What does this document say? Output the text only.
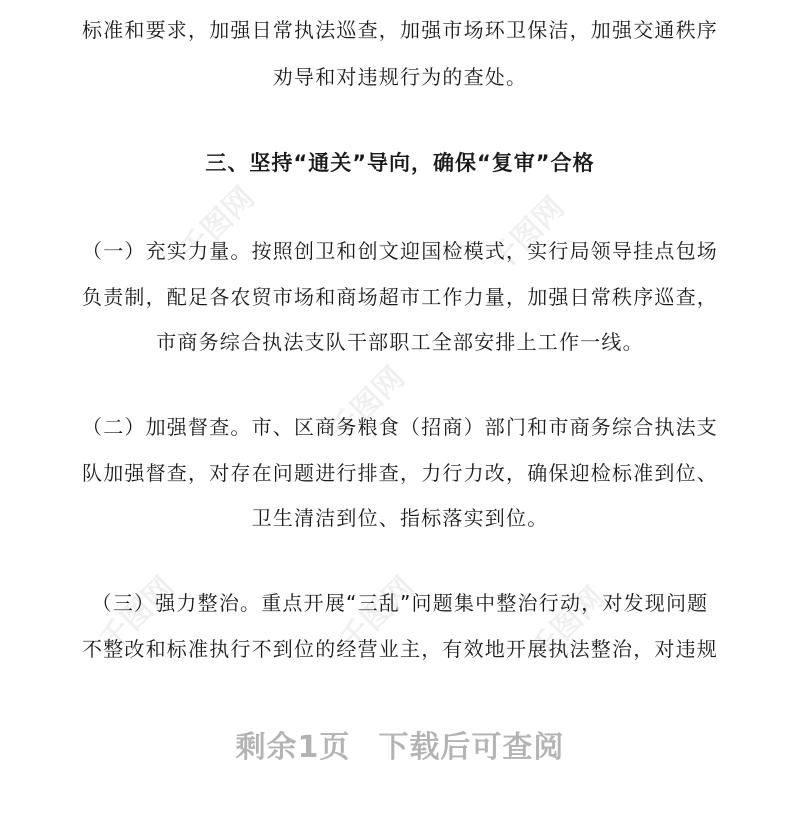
千图网	千图网
千图网
千图网	千图网	千图网
标准和要求，加强日常执法巡查，加强市场环卫保洁，加强交通秩序
劝导和对违规行为的查处。
三、坚持“通关”导向，确保“复审”合格
（一）充实力量。按照创卫和创文迎国检模式，实行局领导挂点包场
负责制，配足各农贸市场和商场超市工作力量，加强日常秩序巡查，
市商务综合执法支队干部职工全部安排上工作一线。
（二）加强督查。市、区商务粮食（招商）部门和市商务综合执法支
队加强督查，对存在问题进行排查，力行力改，确保迎检标准到位、
卫生清洁到位、指标落实到位。
（三）强力整治。重点开展“三乱”问题集中整治行动，对发现问题
不整改和标准执行不到位的经营业主，有效地开展执法整治，对违规
剩余1页 下载后可查阅
